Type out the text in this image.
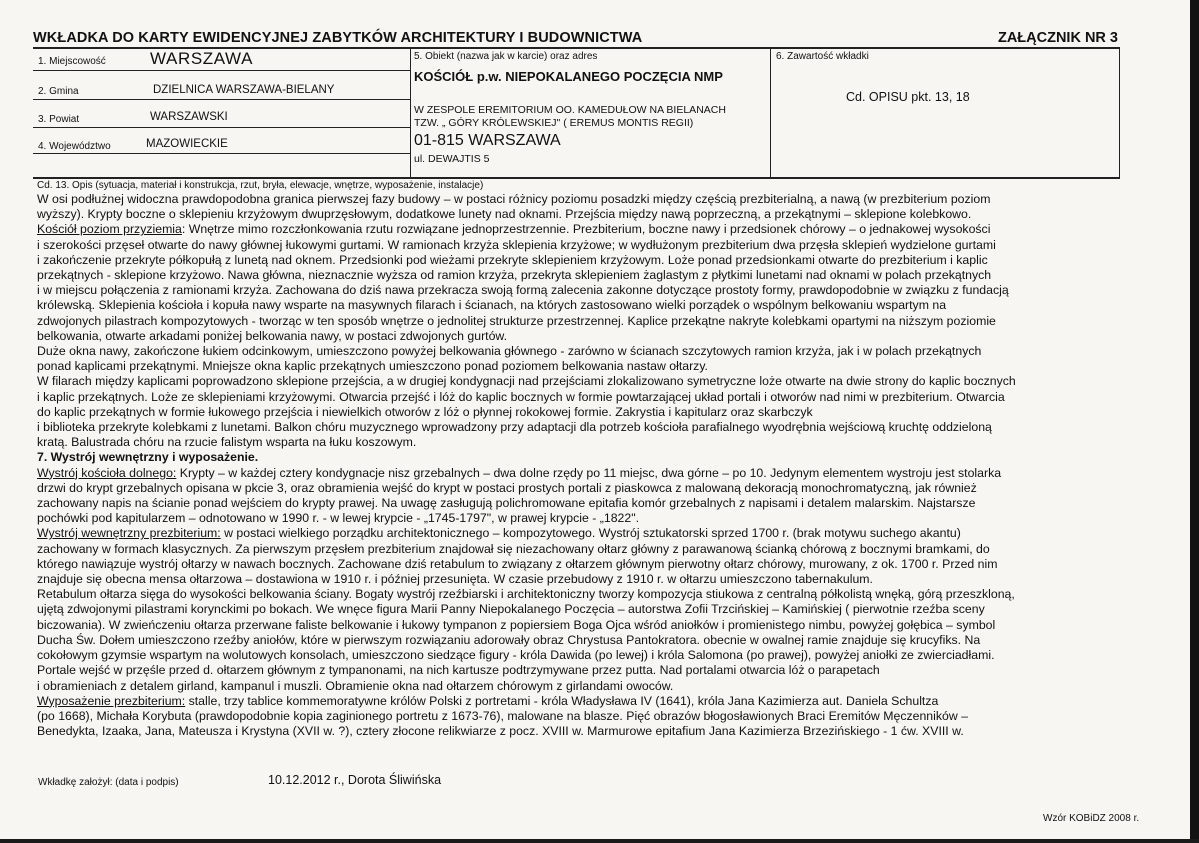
WKŁADKA DO KARTY EWIDENCYJNEJ ZABYTKÓW ARCHITEKTURY I BUDOWNICTWA	ZAŁĄCZNIK NR 3
1. Miejscowość	WARSZAWA
2. Gmina	DZIELNICA WARSZAWA-BIELANY
3. Powiat	WARSZAWSKI
4. Województwo	MAZOWIECKIE
5. Obiekt (nazwa jak w karcie) oraz adres
KOŚCIÓŁ p.w. NIEPOKALANEGO POCZĘCIA NMP
W ZESPOLE EREMITORIUM OO. KAMEDUŁOW NA BIELANACH
TZW. „ GÓRY KRÓLEWSKIEJ" ( EREMUS MONTIS REGII)
01-815 WARSZAWA
ul. DEWAJTIS 5
6. Zawartość wkładki
Cd. OPISU pkt. 13, 18
Cd. 13. Opis (sytuacja, materiał i konstrukcja, rzut, bryła, elewacje, wnętrze, wyposażenie, instalacje)
W osi podłużnej widoczna prawdopodobna granica pierwszej fazy budowy – w postaci różnicy poziomu posadzki między częścią prezbiterialną, a nawą (w prezbiterium poziom
wyższy). Krypty boczne o sklepieniu krzyżowym dwuprzęsłowym, dodatkowe lunety nad oknami. Przejścia między nawą poprzeczną, a przekątnymi – sklepione kolebkowo.
Kościół poziom przyziemia: Wnętrze mimo rozczłonkowania rzutu rozwiązane jednoprzestrzennie. Prezbiterium, boczne nawy i przedsionek chórowy – o jednakowej wysokości
i szerokości przęseł otwarte do nawy głównej łukowymi gurtami. W ramionach krzyża sklepienia krzyżowe; w wydłużonym prezbiterium dwa przęsła sklepień wydzielone gurtami
i zakończenie przekryte półkopułą z lunetą nad oknem. Przedsionki pod wieżami przekryte sklepieniem krzyżowym. Loże ponad przedsionkami otwarte do prezbiterium i kaplic
przekątnych - sklepione krzyżowo. Nawa główna, nieznacznie wyższa od ramion krzyża, przekryta sklepieniem żaglastym z płytkimi lunetami nad oknami w polach przekątnych
i w miejscu połączenia z ramionami krzyża. Zachowana do dziś nawa przekracza swoją formą zalecenia zakonne dotyczące prostoty formy, prawdopodobnie w związku z fundacją
królewską. Sklepienia kościoła i kopuła nawy wsparte na masywnych filarach i ścianach, na których zastosowano wielki porządek o wspólnym belkowaniu wspartym na
zdwojonych pilastrach kompozytowych - tworząc w ten sposób wnętrze o jednolitej strukturze przestrzennej. Kaplice przekątne nakryte kolebkami opartymi na niższym poziomie
belkowania, otwarte arkadami poniżej belkowania nawy, w postaci zdwojonych gurtów.
Duże okna nawy, zakończone łukiem odcinkowym, umieszczono powyżej belkowania głównego - zarówno w ścianach szczytowych ramion krzyża, jak i w polach przekątnych
ponad kaplicami przekątnymi. Mniejsze okna kaplic przekątnych umieszczono ponad poziomem belkowania nastaw ołtarzy.
W filarach między kaplicami poprowadzono sklepione przejścia, a w drugiej kondygnacji nad przejściami zlokalizowano symetryczne loże otwarte na dwie strony do kaplic bocznych
i kaplic przekątnych. Loże ze sklepieniami krzyżowymi. Otwarcia przejść i lóż do kaplic bocznych w formie powtarzającej układ portali i otworów nad nimi w prezbiterium. Otwarcia
do kaplic przekątnych w formie łukowego przejścia i niewielkich otworów z lóż o płynnej rokokowej formie. Zakrystia i kapitularz oraz skarbczyk
i biblioteka przekryte kolebkami z lunetami. Balkon chóru muzycznego wprowadzony przy adaptacji dla potrzeb kościoła parafialnego wyodrębnia wejściową kruchtę oddzieloną
kratą. Balustrada chóru na rzucie falistym wsparta na łuku koszowym.
7. Wystrój wewnętrzny i wyposażenie.
Wystrój kościoła dolnego: Krypty – w każdej cztery kondygnacje nisz grzebalnych – dwa dolne rzędy po 11 miejsc, dwa górne – po 10. Jedynym elementem wystroju jest stolarka
drzwi do krypt grzebalnych opisana w pkcie 3, oraz obramienia wejść do krypt w postaci prostych portali z piaskowca z malowaną dekoracją monochromatyczną, jak również
zachowany napis na ścianie ponad wejściem do krypty prawej. Na uwagę zasługują polichromowane epitafia komór grzebalnych z napisami i detalem malarskim. Najstarsze
pochówki pod kapitularzem – odnotowano w 1990 r. - w lewej krypcie - „1745-1797", w prawej krypcie - „1822".
Wystrój wewnętrzny prezbiterium: w postaci wielkiego porządku architektonicznego – kompozytowego. Wystrój sztukatorski sprzed 1700 r. (brak motywu suchego akantu)
zachowany w formach klasycznych. Za pierwszym przęsłem prezbiterium znajdował się niezachowany ołtarz główny z parawanową ścianką chórową z bocznymi bramkami, do
którego nawiązuje wystrój ołtarzy w nawach bocznych. Zachowane dziś retabulum to związany z ołtarzem głównym pierwotny ołtarz chórowy, murowany, z ok. 1700 r. Przed nim
znajduje się obecna mensa ołtarzowa – dostawiona w 1910 r. i później przesunięta. W czasie przebudowy z 1910 r. w ołtarzu umieszczono tabernakulum.
Retabulum ołtarza sięga do wysokości belkowania ściany. Bogaty wystrój rzeźbiarski i architektoniczny tworzy kompozycja stiukowa z centralną półkolistą wnęką, górą przeszkloną,
ujętą zdwojonymi pilastrami korynckimi po bokach. We wnęce figura Marii Panny Niepokalanego Poczęcia – autorstwa Zofii Trzcińskiej – Kamińskiej ( pierwotnie rzeźba sceny
biczowania). W zwieńczeniu ołtarza przerwane faliste belkowanie i łukowy tympanon z popiersiem Boga Ojca wśród aniołków i promienistego nimbu, powyżej gołębica – symbol
Ducha Św. Dołem umieszczono rzeźby aniołów, które w pierwszym rozwiązaniu adorowały obraz Chrystusa Pantokratora. obecnie w owalnej ramie znajduje się krucyfiks. Na
cokołowym gzymsie wspartym na wolutowych konsolach, umieszczono siedzące figury - króla Dawida (po lewej) i króla Salomona (po prawej), powyżej aniołki ze zwierciadłami.
Portale wejść w przęśle przed d. ołtarzem głównym z tympanonami, na nich kartusze podtrzymywane przez putta. Nad portalami otwarcia lóż o parapetach
i obramieniach z detalem girland, kampanul i muszli. Obramienie okna nad ołtarzem chórowym z girlandami owoców.
Wyposażenie prezbiterium: stalle, trzy tablice kommemoratywne królów Polski z portretami - króla Władysława IV (1641), króla Jana Kazimierza aut. Daniela Schultza
(po 1668), Michała Korybuta (prawdopodobnie kopia zaginionego portretu z 1673-76), malowane na blasze. Pięć obrazów błogosławionych Braci Eremitów Męczenników –
Benedykta, Izaaka, Jana, Mateusza i Krystyna (XVII w. ?), cztery złocone relikwiarze z pocz. XVIII w. Marmurowe epitafium Jana Kazimierza Brzezińskiego - 1 ćw. XVIII w.
Wkładkę założył: (data i podpis)	10.12.2012 r., Dorota Śliwińska
Wzór KOBiDZ 2008 r.
